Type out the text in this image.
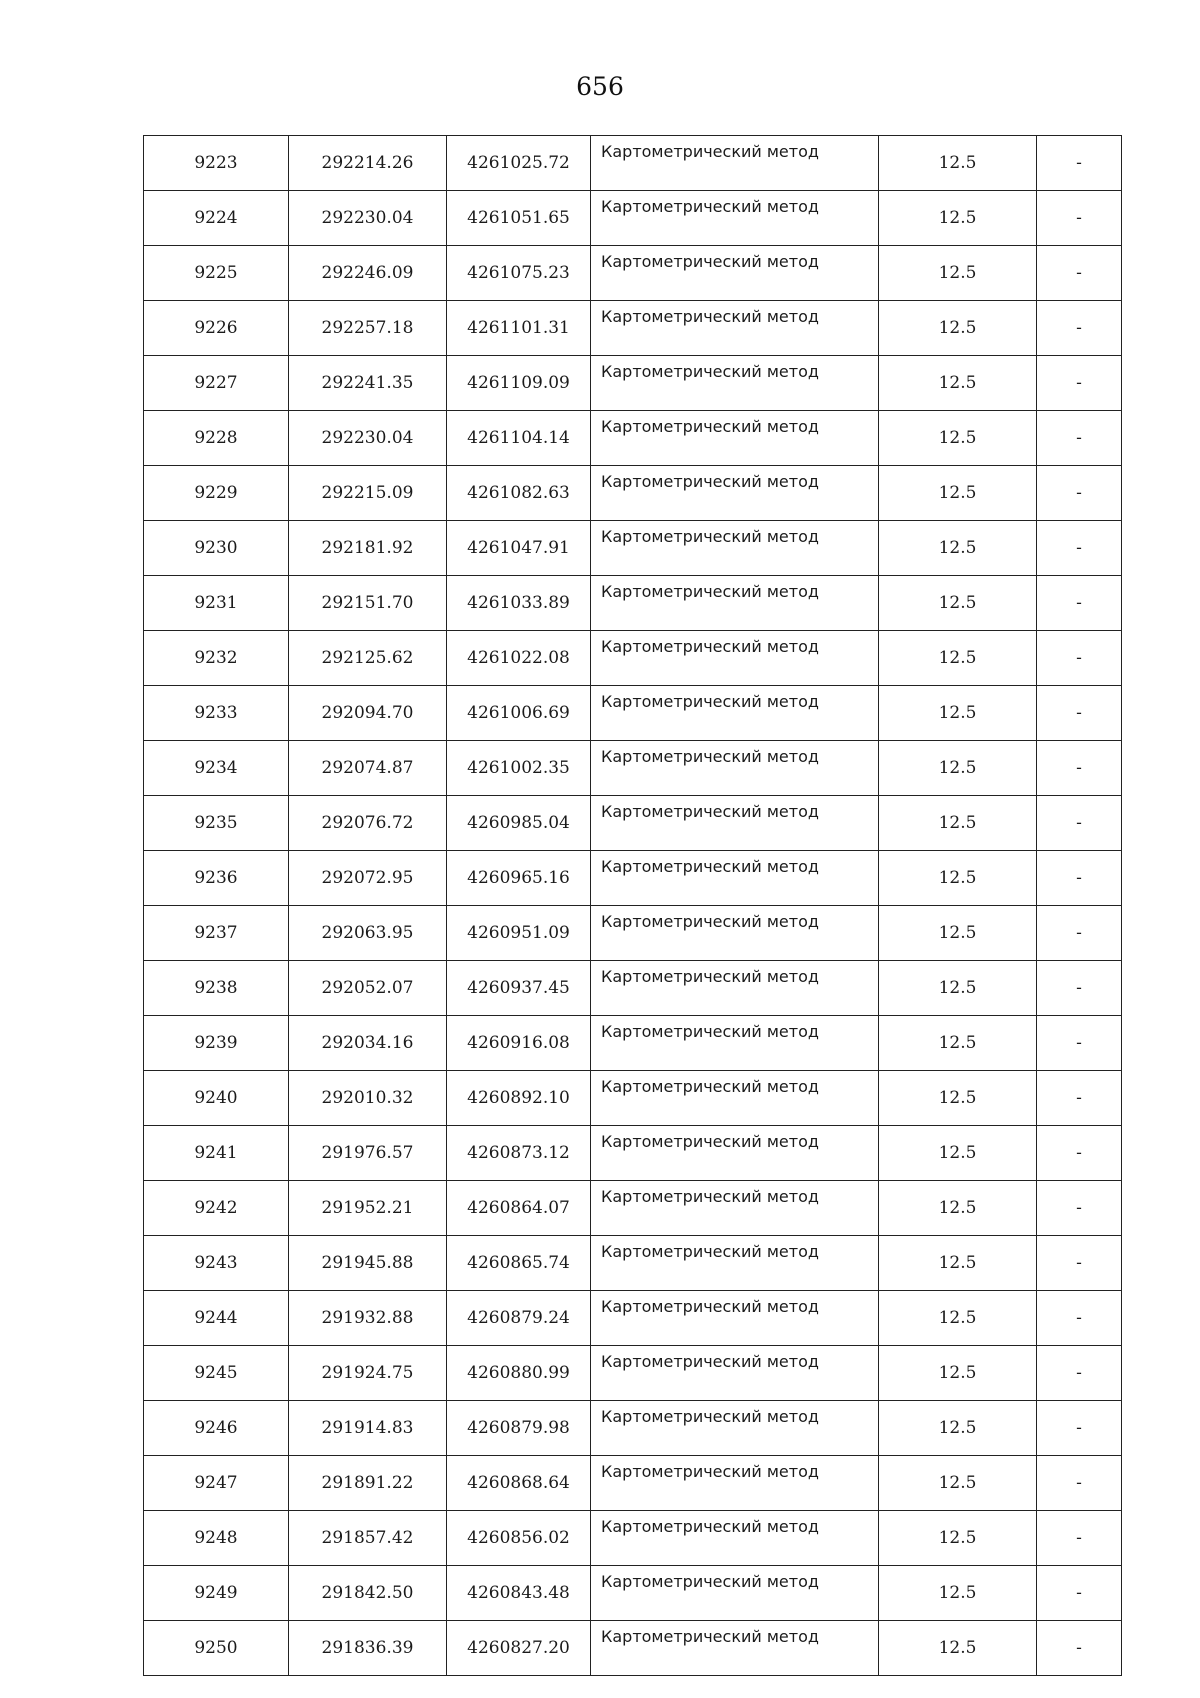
656
9223	292214.26	4261025.72	Картометрический метод	12.5	-
9224	292230.04	4261051.65	Картометрический метод	12.5	-
9225	292246.09	4261075.23	Картометрический метод	12.5	-
9226	292257.18	4261101.31	Картометрический метод	12.5	-
9227	292241.35	4261109.09	Картометрический метод	12.5	-
9228	292230.04	4261104.14	Картометрический метод	12.5	-
9229	292215.09	4261082.63	Картометрический метод	12.5	-
9230	292181.92	4261047.91	Картометрический метод	12.5	-
9231	292151.70	4261033.89	Картометрический метод	12.5	-
9232	292125.62	4261022.08	Картометрический метод	12.5	-
9233	292094.70	4261006.69	Картометрический метод	12.5	-
9234	292074.87	4261002.35	Картометрический метод	12.5	-
9235	292076.72	4260985.04	Картометрический метод	12.5	-
9236	292072.95	4260965.16	Картометрический метод	12.5	-
9237	292063.95	4260951.09	Картометрический метод	12.5	-
9238	292052.07	4260937.45	Картометрический метод	12.5	-
9239	292034.16	4260916.08	Картометрический метод	12.5	-
9240	292010.32	4260892.10	Картометрический метод	12.5	-
9241	291976.57	4260873.12	Картометрический метод	12.5	-
9242	291952.21	4260864.07	Картометрический метод	12.5	-
9243	291945.88	4260865.74	Картометрический метод	12.5	-
9244	291932.88	4260879.24	Картометрический метод	12.5	-
9245	291924.75	4260880.99	Картометрический метод	12.5	-
9246	291914.83	4260879.98	Картометрический метод	12.5	-
9247	291891.22	4260868.64	Картометрический метод	12.5	-
9248	291857.42	4260856.02	Картометрический метод	12.5	-
9249	291842.50	4260843.48	Картометрический метод	12.5	-
9250	291836.39	4260827.20	Картометрический метод	12.5	-
